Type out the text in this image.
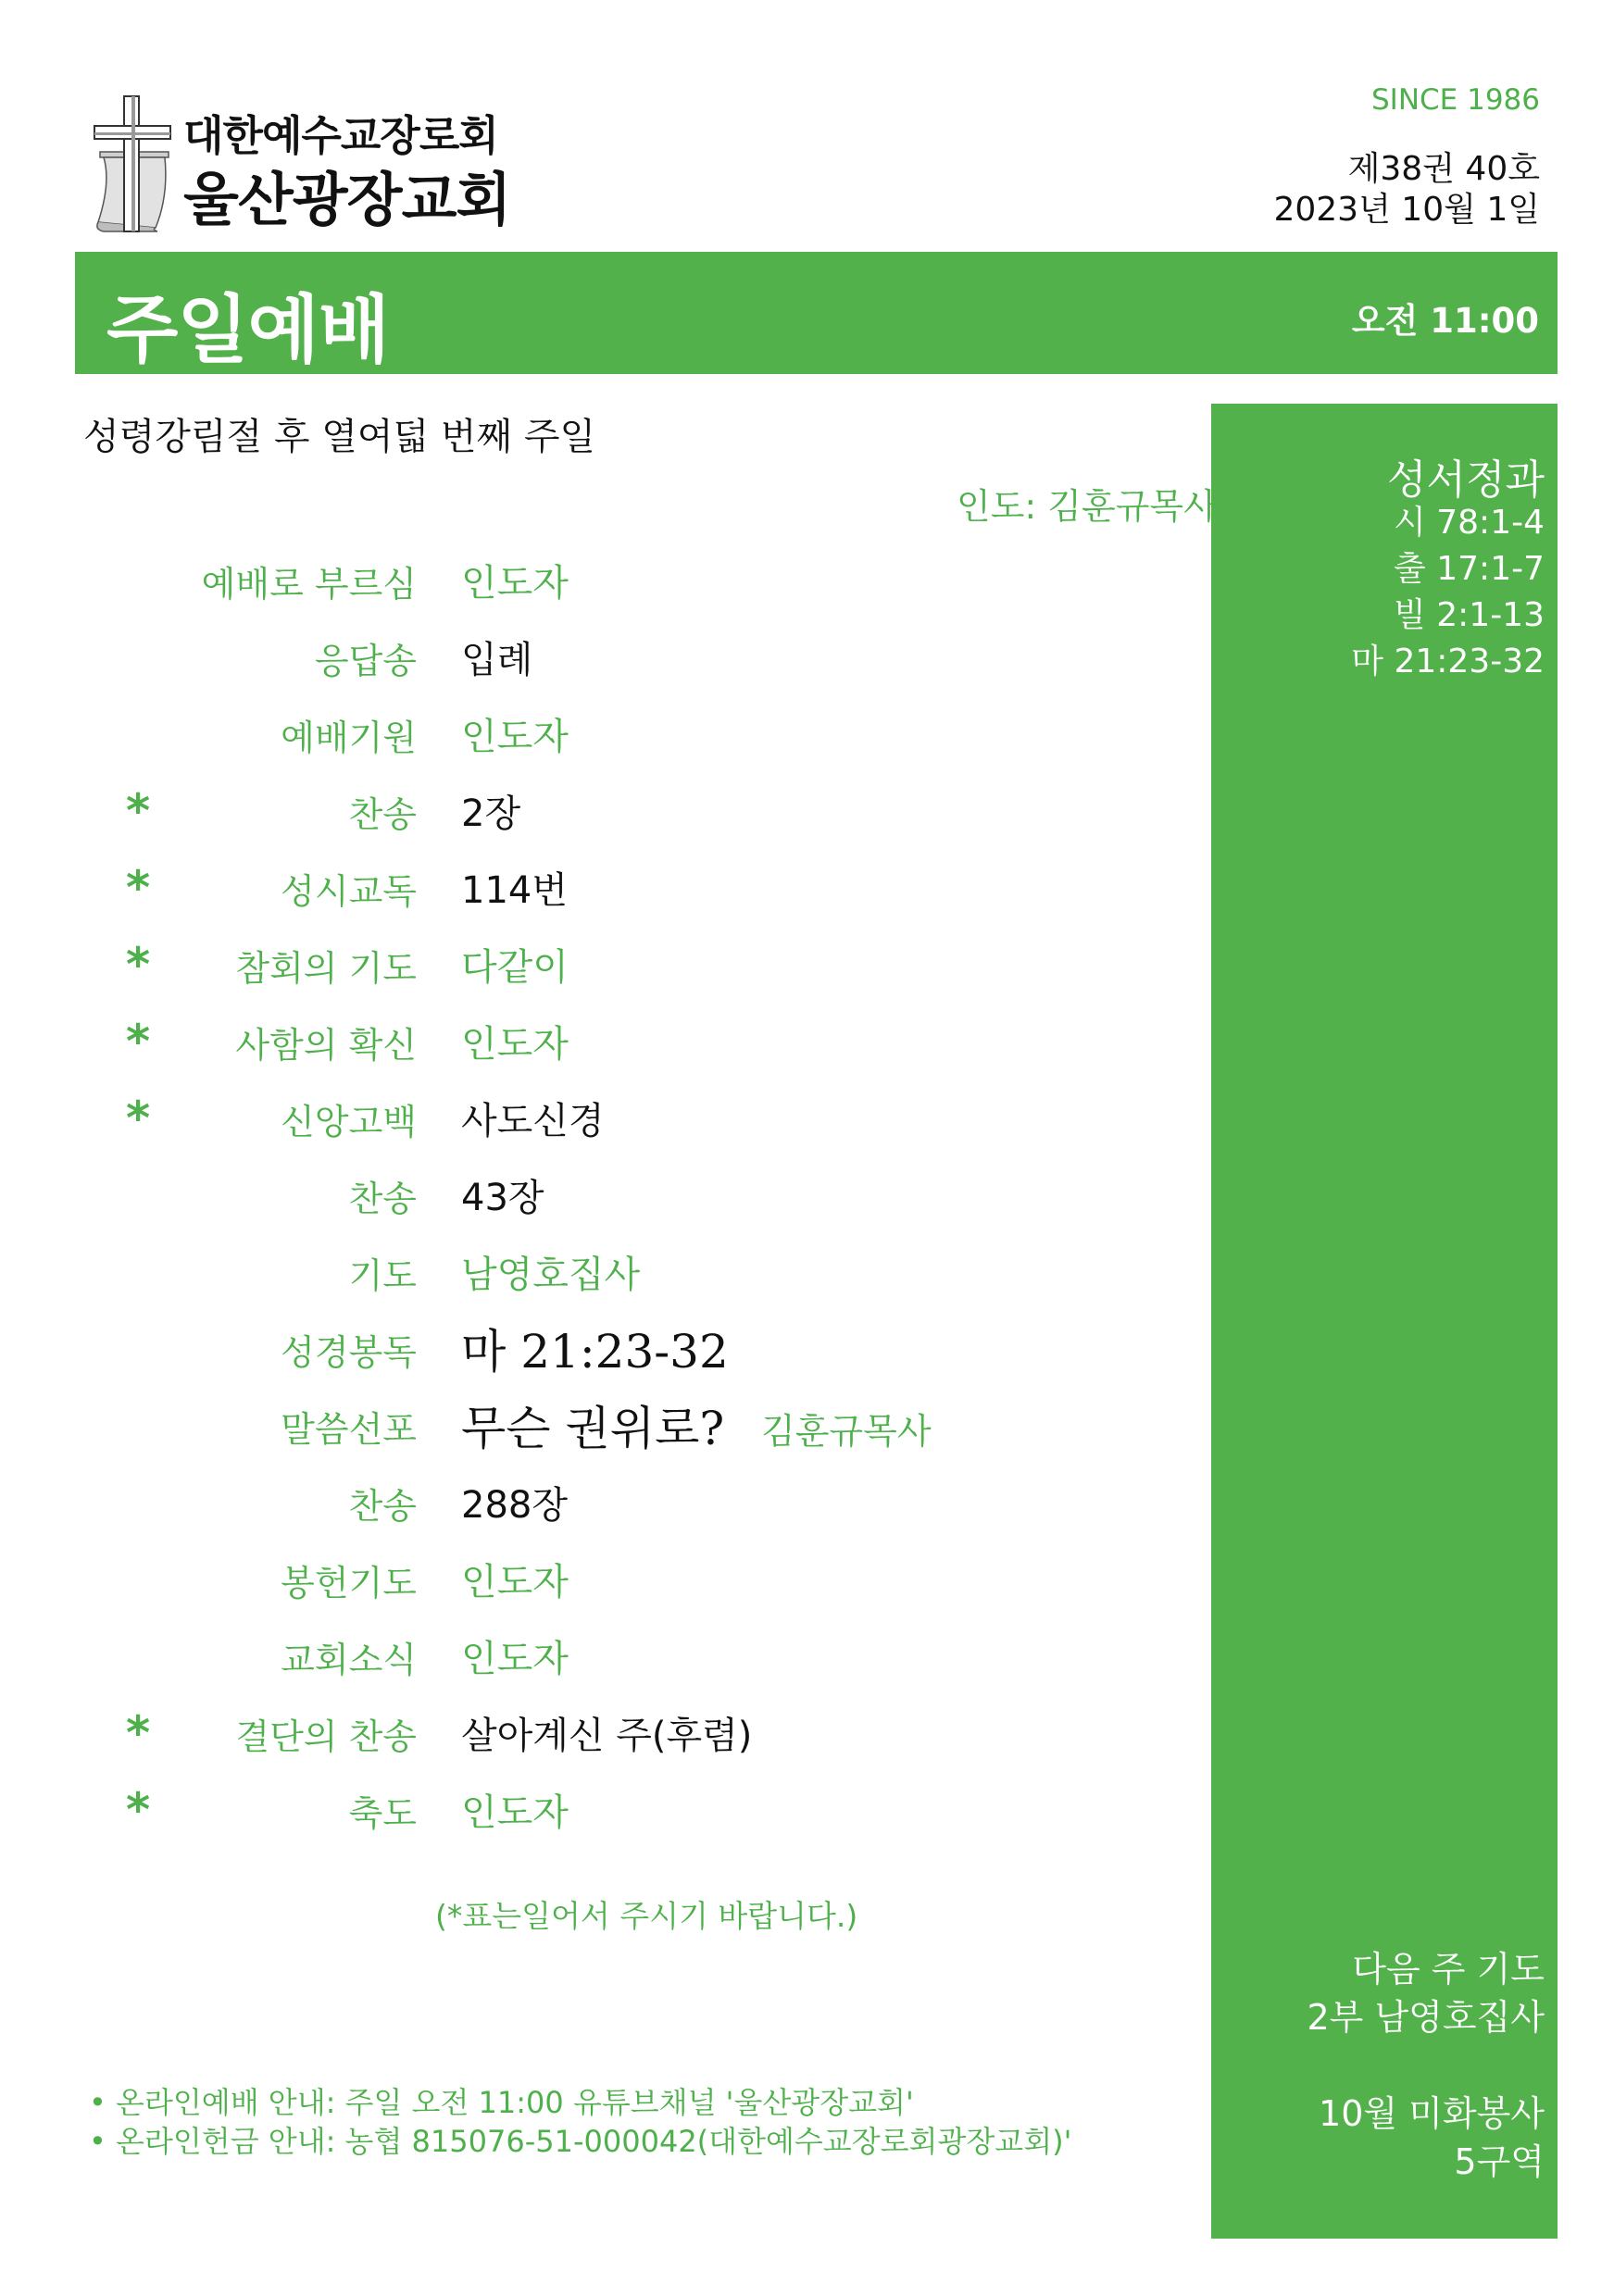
대한예수교장로회
울산광장교회
SINCE 1986
제38권 40호
2023년 10월 1일
주일예배	오전 11:00
성서정과
시 78:1-4
출 17:1-7
빌 2:1-13
마 21:23-32
다음 주 기도
2부 남영호집사
10월 미화봉사
5구역
성령강림절 후 열여덟 번째 주일
인도: 김훈규목사
예배로 부르심 인도자
응답송 입례
예배기원 인도자
*	찬송 2장
*	성시교독 114번
* 참회의 기도 다같이
* 사함의 확신 인도자
*	신앙고백 사도신경
찬송 43장
기도 남영호집사
성경봉독 마 21:23-32
말씀선포 무슨 권위로? 김훈규목사
찬송 288장
봉헌기도 인도자
교회소식 인도자
* 결단의 찬송 살아계신 주(후렴)
*	축도 인도자
(*표는일어서 주시기 바랍니다.)
• 온라인예배 안내: 주일 오전 11:00 유튜브채널 '울산광장교회'
• 온라인헌금 안내: 농협 815076-51-000042(대한예수교장로회광장교회)'
